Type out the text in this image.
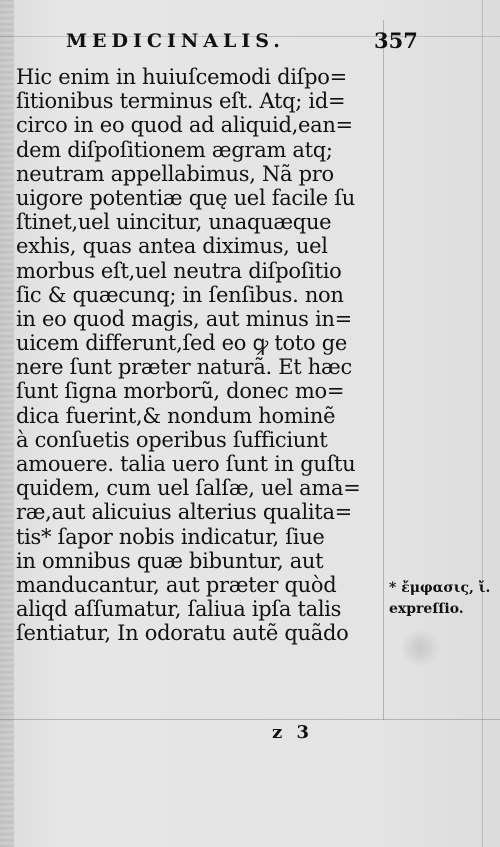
MEDICINALIS.	357
Hic enim in huiuſcemodi diſpo=
ſitionibus terminus eſt. Atq; id=
circo in eo quod ad aliquid,ean=
dem diſpoſitionem ægram atq;
neutram appellabimus, Nã pro
uigore potentiæ quę uel facile ſu
ſtinet,uel uincitur, unaquæque
exhis, quas antea diximus, uel
morbus eſt,uel neutra diſpoſitio
ſic & quæcunq; in ſenſibus. non
in eo quod magis, aut minus in=
uicem differunt,ſed eo ꝙ toto ge
nere ſunt præter naturã. Et hæc
ſunt ſigna morborũ, donec mo=
dica fuerint,& nondum hominẽ
à conſuetis operibus ſufficiunt
amouere. talia uero ſunt in guſtu
quidem, cum uel ſalſæ, uel ama=
ræ,aut alicuius alterius qualita=
tis* ſapor nobis indicatur, ſiue
in omnibus quæ bibuntur, aut
manducantur, aut præter quòd
aliqd aſſumatur, ſaliua ipſa talis
ſentiatur, In odoratu autẽ quãdo
* ἔμφασις, ἴ.
expreſſio.
z 3
